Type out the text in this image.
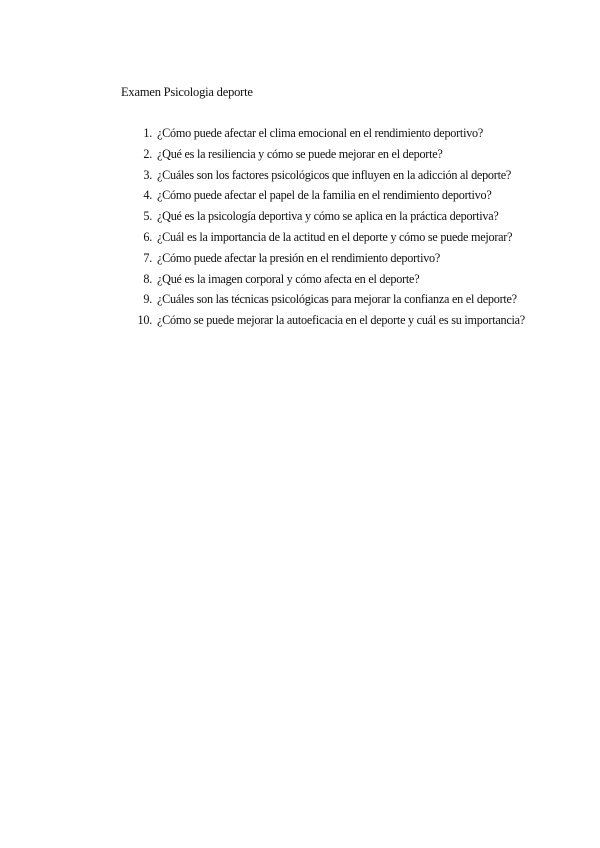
Examen Psicologia deporte
1. ¿Cómo puede afectar el clima emocional en el rendimiento deportivo?
2. ¿Qué es la resiliencia y cómo se puede mejorar en el deporte?
3. ¿Cuáles son los factores psicológicos que influyen en la adicción al deporte?
4. ¿Cómo puede afectar el papel de la familia en el rendimiento deportivo?
5. ¿Qué es la psicología deportiva y cómo se aplica en la práctica deportiva?
6. ¿Cuál es la importancia de la actitud en el deporte y cómo se puede mejorar?
7. ¿Cómo puede afectar la presión en el rendimiento deportivo?
8. ¿Qué es la imagen corporal y cómo afecta en el deporte?
9. ¿Cuáles son las técnicas psicológicas para mejorar la confianza en el deporte?
10. ¿Cómo se puede mejorar la autoeficacia en el deporte y cuál es su importancia?
